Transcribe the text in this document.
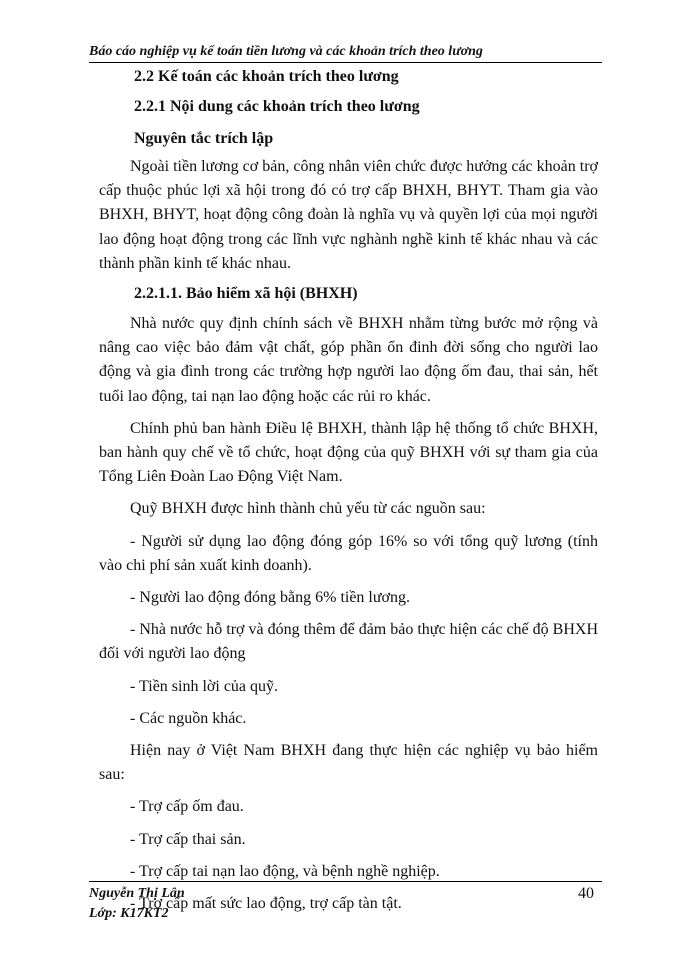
Báo cáo nghiệp vụ kế toán tiền lương và các khoản trích theo lương

2.2 Kế toán các khoản trích theo lương

2.2.1 Nội dung các khoản trích theo lương

Nguyên tắc trích lập

Ngoài tiền lương cơ bản, công nhân viên chức được hưởng các khoản trợ cấp thuộc phúc lợi xã hội trong đó có trợ cấp BHXH, BHYT. Tham gia vào BHXH, BHYT, hoạt động công đoàn là nghĩa vụ và quyền lợi của mọi người lao động hoạt động trong các lĩnh vực nghành nghề kinh tế khác nhau và các thành phần kinh tế khác nhau.

2.2.1.1. Bảo hiểm xã hội (BHXH)

Nhà nước quy định chính sách về BHXH nhằm từng bước mở rộng và nâng cao việc bảo đảm vật chất, góp phần ổn đinh đời sống cho người lao động và gia đình trong các trường hợp người lao động ốm đau, thai sản, hết tuổi lao động, tai nạn lao động hoặc các rủi ro khác.

Chính phủ ban hành Điều lệ BHXH, thành lập hệ thống tổ chức BHXH, ban hành quy chế về tổ chức, hoạt động của quỹ BHXH với sự tham gia của Tổng Liên Đoàn Lao Động Việt Nam.

Quỹ BHXH được hình thành chủ yếu từ các nguồn sau:

- Người sử dụng lao động đóng góp 16% so với tổng quỹ lương (tính vào chi phí sản xuất kinh doanh).

- Người lao động đóng bằng 6% tiền lương.

- Nhà nước hỗ trợ và đóng thêm để đảm bảo thực hiện các chế độ BHXH đối với người lao động

- Tiền sinh lời của quỹ.

- Các nguồn khác.

Hiện nay ở Việt Nam BHXH đang thực hiện các nghiệp vụ bảo hiểm sau:

- Trợ cấp ốm đau.

- Trợ cấp thai sản.

- Trợ cấp tai nạn lao động, và bệnh nghề nghiệp.

- Trợ cấp mất sức lao động, trợ cấp tàn tật.

Nguyễn Thị Lân
Lớp: K17KT2
40
